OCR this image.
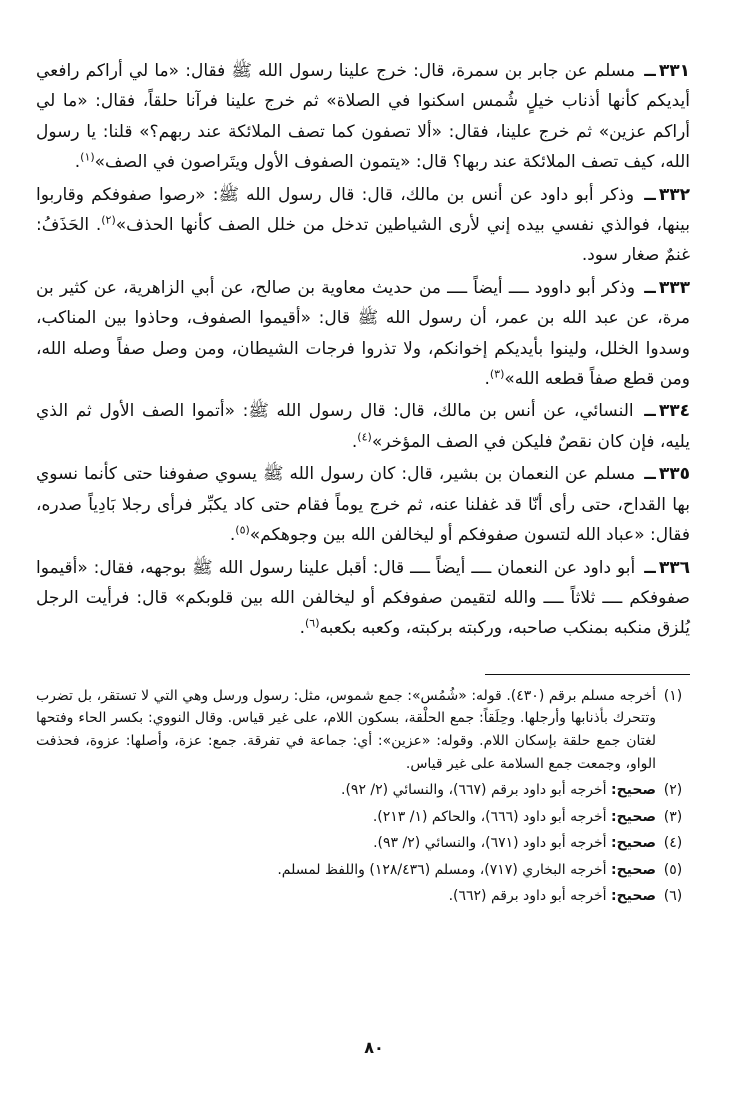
٣٣١ــ مسلم عن جابر بن سمرة، قال: خرج علينا رسول الله ﷺ فقال: «ما لي أراكم رافعي أيديكم كأنها أذناب خيلٍ شُمس اسكنوا في الصلاة» ثم خرج علينا فرآنا حلقاً، فقال: «ما لي أراكم عزين» ثم خرج علينا، فقال: «ألا تصفون كما تصف الملائكة عند ربهم؟» قلنا: يا رسول الله، كيف تصف الملائكة عند ربها؟ قال: «يتمون الصفوف الأول ويتَراصون في الصف»$^{(١)}$.

٣٣٢ــ وذكر أبو داود عن أنس بن مالك، قال: قال رسول الله ﷺ: «رصوا صفوفكم وقاربوا بينها، فوالذي نفسي بيده إني لأرى الشياطين تدخل من خلل الصف كأنها الحذف»$^{(٢)}$. الحَذَفُ: غنمٌ صغار سود.

٣٣٣ــ وذكر أبو داوود ــــ أيضاً ــــ من حديث معاوية بن صالح، عن أبي الزاهرية، عن كثير بن مرة، عن عبد الله بن عمر، أن رسول الله ﷺ قال: «أقيموا الصفوف، وحاذوا بين المناكب، وسدوا الخلل، ولينوا بأيديكم إخوانكم، ولا تذروا فرجات الشيطان، ومن وصل صفاً وصله الله، ومن قطع صفاً قطعه الله»$^{(٣)}$.

٣٣٤ــ النسائي، عن أنس بن مالك، قال: قال رسول الله ﷺ: «أتموا الصف الأول ثم الذي يليه، فإن كان نقصٌ فليكن في الصف المؤخر»$^{(٤)}$.

٣٣٥ــ مسلم عن النعمان بن بشير، قال: كان رسول الله ﷺ يسوي صفوفنا حتى كأنما نسوي بها القداح، حتى رأى أنّا قد غفلنا عنه، ثم خرج يوماً فقام حتى كاد يكبِّر فرأى رجلا بَادِياً صدره، فقال: «عباد الله لتسون صفوفكم أو ليخالفن الله بين وجوهكم»$^{(٥)}$.

٣٣٦ــ أبو داود عن النعمان ــــ أيضاً ــــ قال: أقبل علينا رسول الله ﷺ بوجهه، فقال: «أقيموا صفوفكم ــــ ثلاثاً ــــ والله لتقيمن صفوفكم أو ليخالفن الله بين قلوبكم» قال: فرأيت الرجل يُلزق منكبه بمنكب صاحبه، وركبته بركبته، وكعبه بكعبه$^{(٦)}$.

(١)
أخرجه مسلم برقم (٤٣٠). قوله: «شُمُس»: جمع شموس، مثل: رسول ورسل وهي التي لا تستقر، بل تضرب وتتحرك بأذنابها وأرجلها. وحِلَقاً: جمع الحلْقة، بسكون اللام، على غير قياس. وقال النووي: بكسر الحاء وفتحها لغتان جمع حلقة بإسكان اللام. وقوله: «عزين»: أي: جماعة في تفرقة. جمع: عزة، وأصلها: عزوة، فحذفت الواو، وجمعت جمع السلامة على غير قياس.
(٢)
صحيح: أخرجه أبو داود برقم (٦٦٧)، والنسائي (٢/ ٩٢).
(٣)
صحيح: أخرجه أبو داود (٦٦٦)، والحاكم (١/ ٢١٣).
(٤)
صحيح: أخرجه أبو داود (٦٧١)، والنسائي (٢/ ٩٣).
(٥)
صحيح: أخرجه البخاري (٧١٧)، ومسلم (١٢٨/٤٣٦) واللفظ لمسلم.
(٦)
صحيح: أخرجه أبو داود برقم (٦٦٢).
٨٠
